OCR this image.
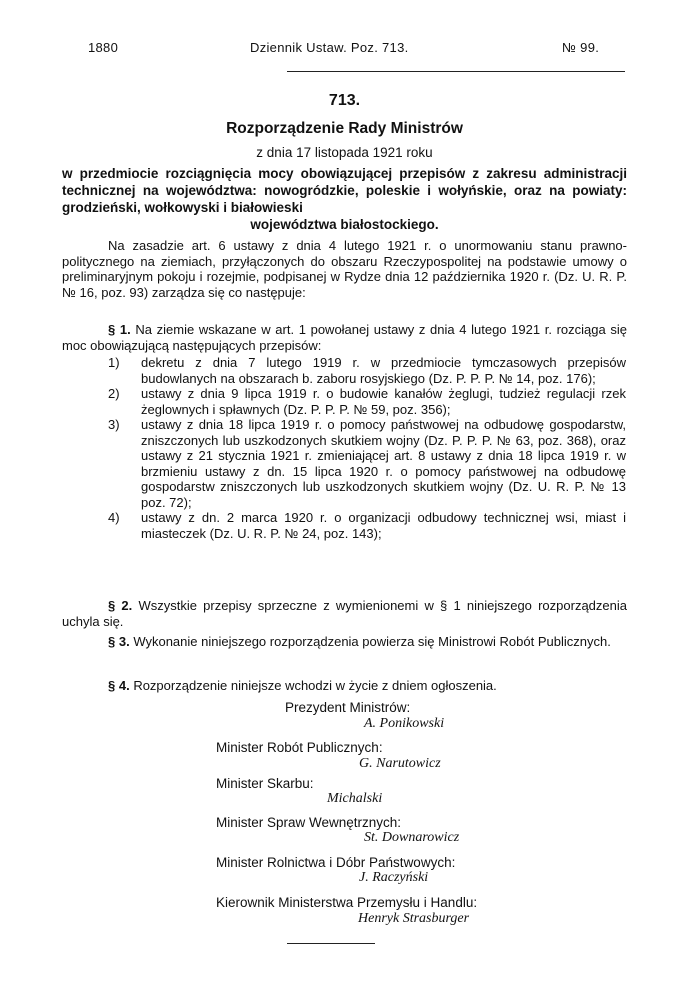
1880	Dziennik Ustaw. Poz. 713.	№ 99.
713.
Rozporządzenie Rady Ministrów
z dnia 17 listopada 1921 roku
w przedmiocie rozciągnięcia mocy obowiązującej przepisów z zakresu administracji technicznej na województwa: nowogródzkie, poleskie i wołyńskie, oraz na powiaty: grodzieński, wołkowyski i białowieski
województwa białostockiego.

Na zasadzie art. 6 ustawy z dnia 4 lutego 1921 r. o unormowaniu stanu prawno-politycznego na ziemiach, przyłączonych do obszaru Rzeczypospolitej na podstawie umowy o preliminaryjnym pokoju i rozejmie, podpisanej w Rydze dnia 12 października 1920 r. (Dz. U. R. P. № 16, poz. 93) zarządza się co następuje:

§ 1. Na ziemie wskazane w art. 1 powołanej ustawy z dnia 4 lutego 1921 r. rozciąga się moc obowiązującą następujących przepisów:

1) dekretu z dnia 7 lutego 1919 r. w przedmiocie tymczasowych przepisów budowlanych na obszarach b. zaboru rosyjskiego (Dz. P. P. P. № 14, poz. 176);

2) ustawy z dnia 9 lipca 1919 r. o budowie kanałów żeglugi, tudzież regulacji rzek żeglownych i spławnych (Dz. P. P. P. № 59, poz. 356);

3) ustawy z dnia 18 lipca 1919 r. o pomocy państwowej na odbudowę gospodarstw, zniszczonych lub uszkodzonych skutkiem wojny (Dz. P. P. P. № 63, poz. 368), oraz ustawy z 21 stycznia 1921 r. zmieniającej art. 8 ustawy z dnia 18 lipca 1919 r. w brzmieniu ustawy z dn. 15 lipca 1920 r. o pomocy państwowej na odbudowę gospodarstw zniszczonych lub uszkodzonych skutkiem wojny (Dz. U. R. P. № 13 poz. 72);

4) ustawy z dn. 2 marca 1920 r. o organizacji odbudowy technicznej wsi, miast i miasteczek (Dz. U. R. P. № 24, poz. 143);

§ 2. Wszystkie przepisy sprzeczne z wymienionemi w § 1 niniejszego rozporządzenia uchyla się.

§ 3. Wykonanie niniejszego rozporządzenia powierza się Ministrowi Robót Publicznych.

§ 4. Rozporządzenie niniejsze wchodzi w życie z dniem ogłoszenia.

Prezydent Ministrów:
A. Ponikowski
Minister Robót Publicznych:
G. Narutowicz
Minister Skarbu:
Michalski
Minister Spraw Wewnętrznych:
St. Downarowicz
Minister Rolnictwa i Dóbr Państwowych:
J. Raczyński
Kierownik Ministerstwa Przemysłu i Handlu:
Henryk Strasburger
